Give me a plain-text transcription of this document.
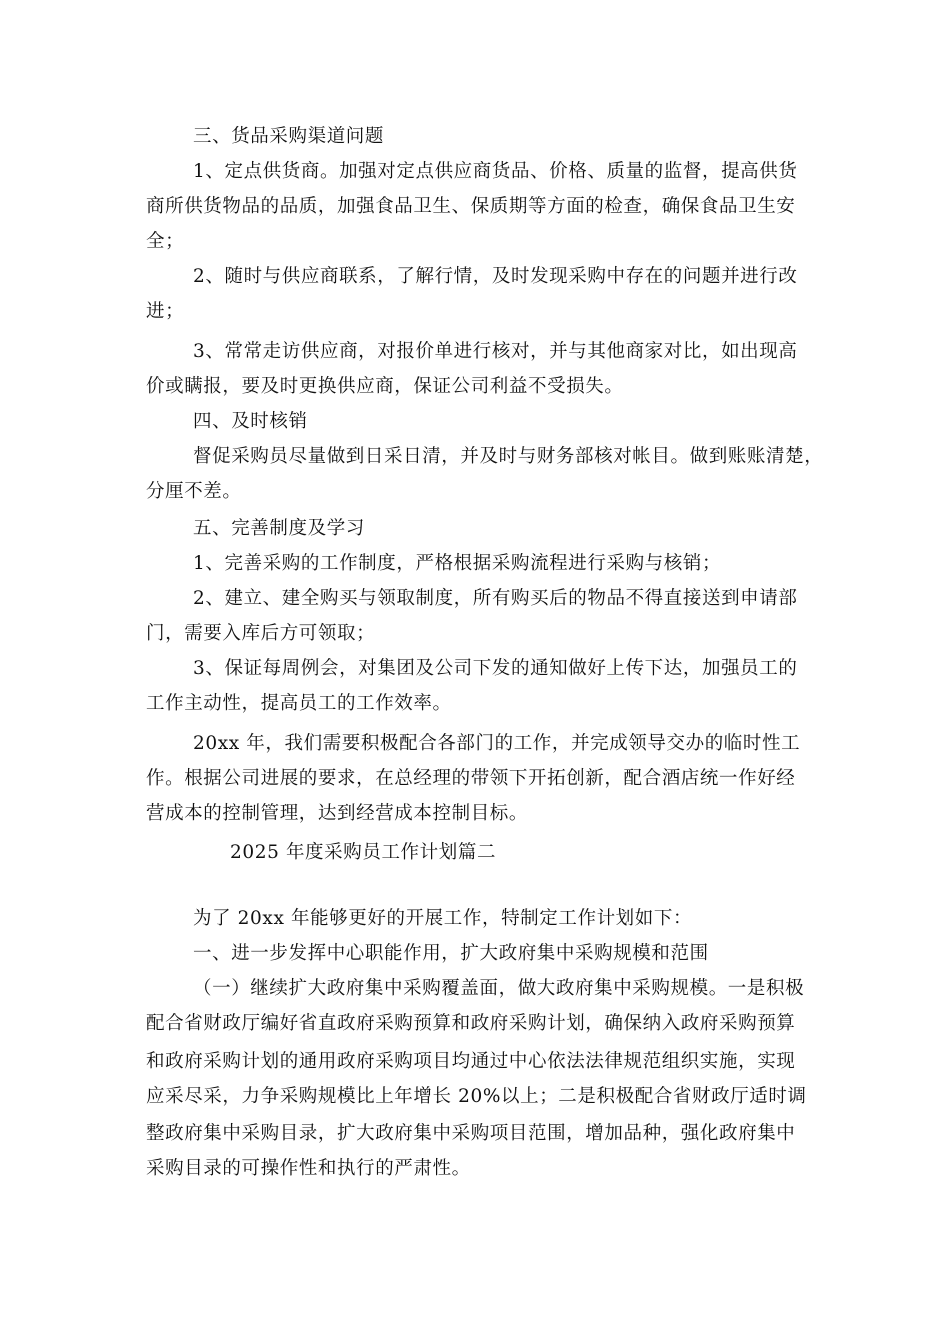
三、货品采购渠道问题
1、定点供货商。加强对定点供应商货品、价格、质量的监督，提高供货
商所供货物品的品质，加强食品卫生、保质期等方面的检查，确保食品卫生安
全；
2、随时与供应商联系，了解行情，及时发现采购中存在的问题并进行改
进；
3、常常走访供应商，对报价单进行核对，并与其他商家对比，如出现高
价或瞒报，要及时更换供应商，保证公司利益不受损失。
四、及时核销
督促采购员尽量做到日采日清，并及时与财务部核对帐目。做到账账清楚，
分厘不差。
五、完善制度及学习
1、完善采购的工作制度，严格根据采购流程进行采购与核销；
2、建立、建全购买与领取制度，所有购买后的物品不得直接送到申请部
门，需要入库后方可领取；
3、保证每周例会，对集团及公司下发的通知做好上传下达，加强员工的
工作主动性，提高员工的工作效率。
20xx 年，我们需要积极配合各部门的工作，并完成领导交办的临时性工
作。根据公司进展的要求，在总经理的带领下开拓创新，配合酒店统一作好经
营成本的控制管理，达到经营成本控制目标。
2025 年度采购员工作计划篇二
为了 20xx 年能够更好的开展工作，特制定工作计划如下：
一、进一步发挥中心职能作用，扩大政府集中采购规模和范围
（一）继续扩大政府集中采购覆盖面，做大政府集中采购规模。一是积极
配合省财政厅编好省直政府采购预算和政府采购计划，确保纳入政府采购预算
和政府采购计划的通用政府采购项目均通过中心依法法律规范组织实施，实现
应采尽采，力争采购规模比上年增长 20%以上；二是积极配合省财政厅适时调
整政府集中采购目录，扩大政府集中采购项目范围，增加品种，强化政府集中
采购目录的可操作性和执行的严肃性。
